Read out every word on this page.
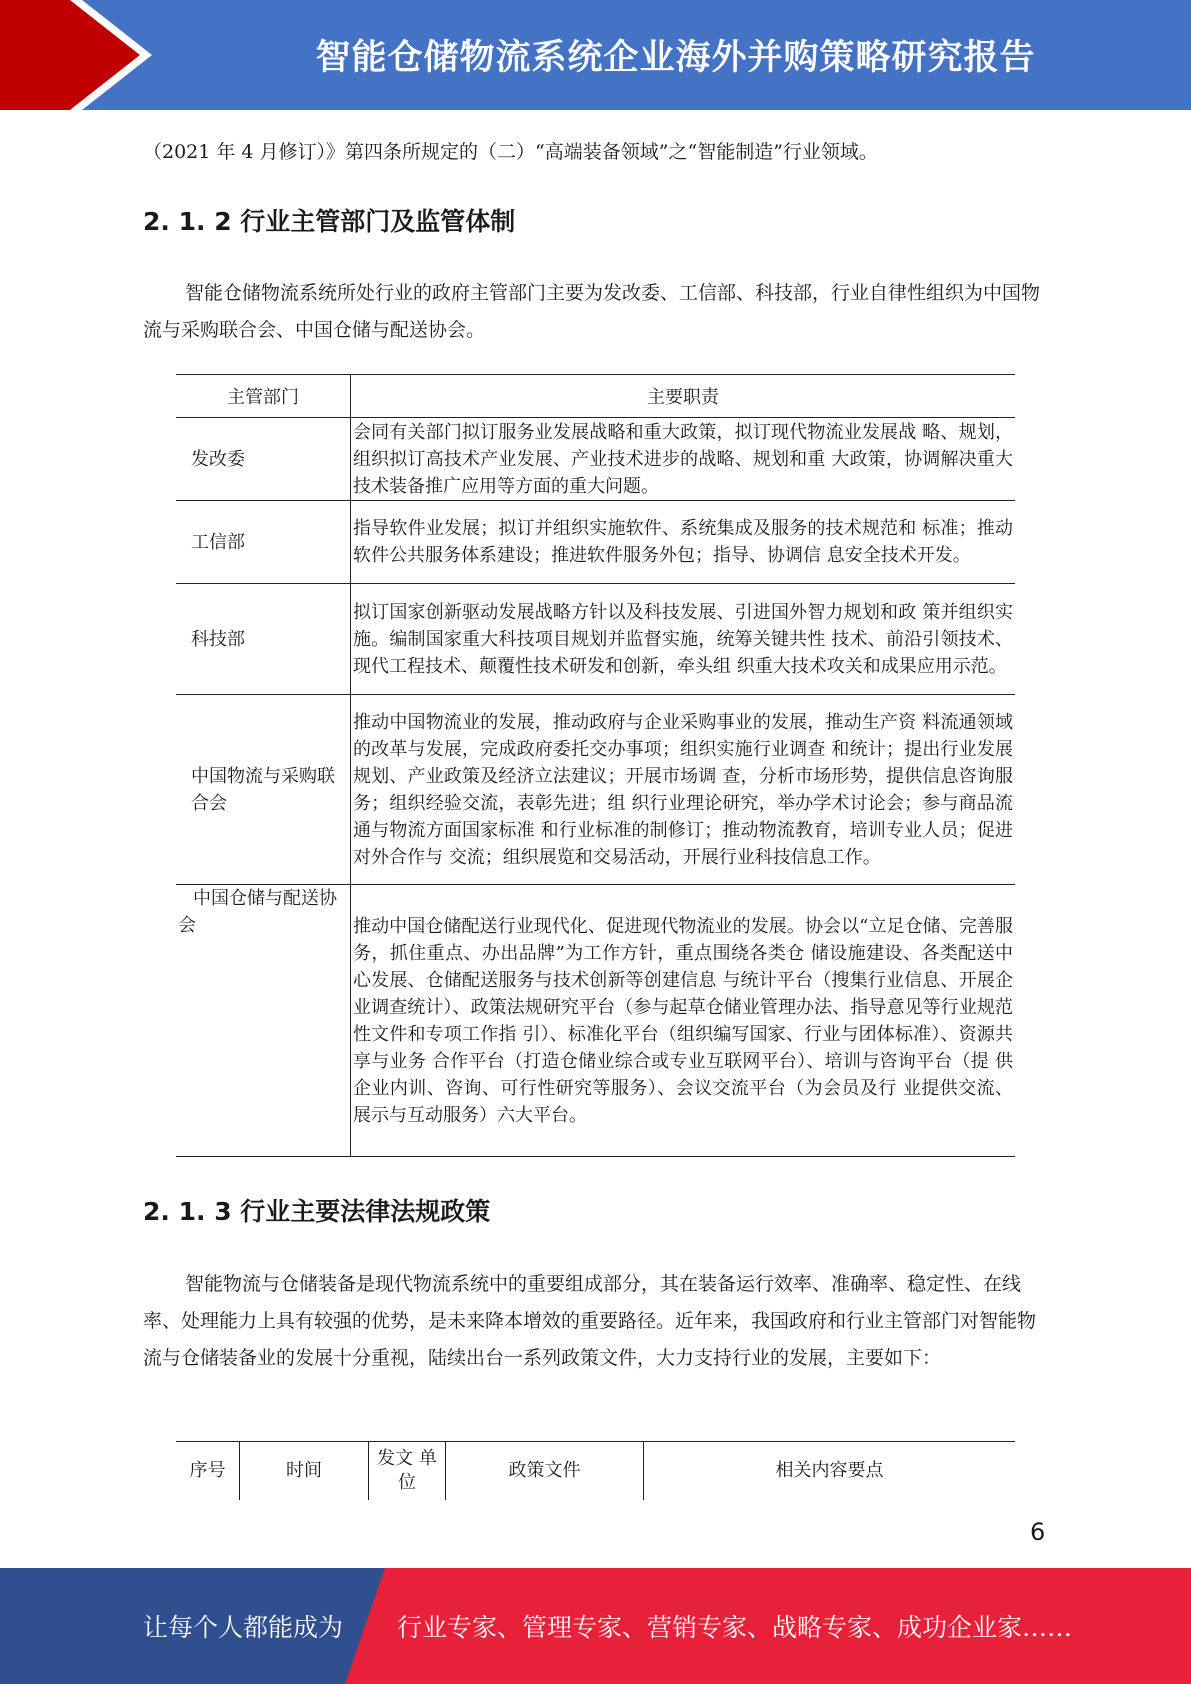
智能仓储物流系统企业海外并购策略研究报告

（2021 年 4 月修订）》第四条所规定的（二）“高端装备领域”之“智能制造”行业领域。

2. 1. 2 行业主管部门及监管体制

智能仓储物流系统所处行业的政府主管部门主要为发改委、工信部、科技部，行业自律性组织为中国物流与采购联合会、中国仓储与配送协会。

主管部门	主要职责
发改委	会同有关部门拟订服务业发展战略和重大政策，拟订现代物流业发展战 略、规划，组织拟订高技术产业发展、产业技术进步的战略、规划和重 大政策，协调解决重大技术装备推广应用等方面的重大问题。
工信部	指导软件业发展；拟订并组织实施软件、系统集成及服务的技术规范和 标准；推动软件公共服务体系建设；推进软件服务外包；指导、协调信 息安全技术开发。
科技部	拟订国家创新驱动发展战略方针以及科技发展、引进国外智力规划和政 策并组织实施。编制国家重大科技项目规划并监督实施，统筹关键共性 技术、前沿引领技术、现代工程技术、颠覆性技术研发和创新，牵头组 织重大技术攻关和成果应用示范。
中国物流与采购联合会	推动中国物流业的发展，推动政府与企业采购事业的发展，推动生产资 料流通领域的改革与发展，完成政府委托交办事项；组织实施行业调查 和统计；提出行业发展规划、产业政策及经济立法建议；开展市场调 查，分析市场形势，提供信息咨询服务；组织经验交流，表彰先进；组 织行业理论研究，举办学术讨论会；参与商品流通与物流方面国家标准 和行业标准的制修订；推动物流教育，培训专业人员；促进对外合作与 交流；组织展览和交易活动，开展行业科技信息工作。
中国仓储与配送协会	推动中国仓储配送行业现代化、促进现代物流业的发展。协会以“立足仓储、完善服务，抓住重点、办出品牌”为工作方针，重点围绕各类仓 储设施建设、各类配送中心发展、仓储配送服务与技术创新等创建信息 与统计平台（搜集行业信息、开展企业调查统计）、政策法规研究平台（参与起草仓储业管理办法、指导意见等行业规范性文件和专项工作指 引）、标准化平台（组织编写国家、行业与团体标准）、资源共享与业务 合作平台（打造仓储业综合或专业互联网平台）、培训与咨询平台（提 供企业内训、咨询、可行性研究等服务）、会议交流平台（为会员及行 业提供交流、展示与互动服务）六大平台。
2. 1. 3 行业主要法律法规政策

智能物流与仓储装备是现代物流系统中的重要组成部分，其在装备运行效率、准确率、稳定性、在线率、处理能力上具有较强的优势，是未来降本增效的重要路径。近年来，我国政府和行业主管部门对智能物流与仓储装备业的发展十分重视，陆续出台一系列政策文件，大力支持行业的发展，主要如下：

序号	时间	发文 单位	政策文件	相关内容要点
6
让每个人都能成为 行业专家、管理专家、营销专家、战略专家、成功企业家……
